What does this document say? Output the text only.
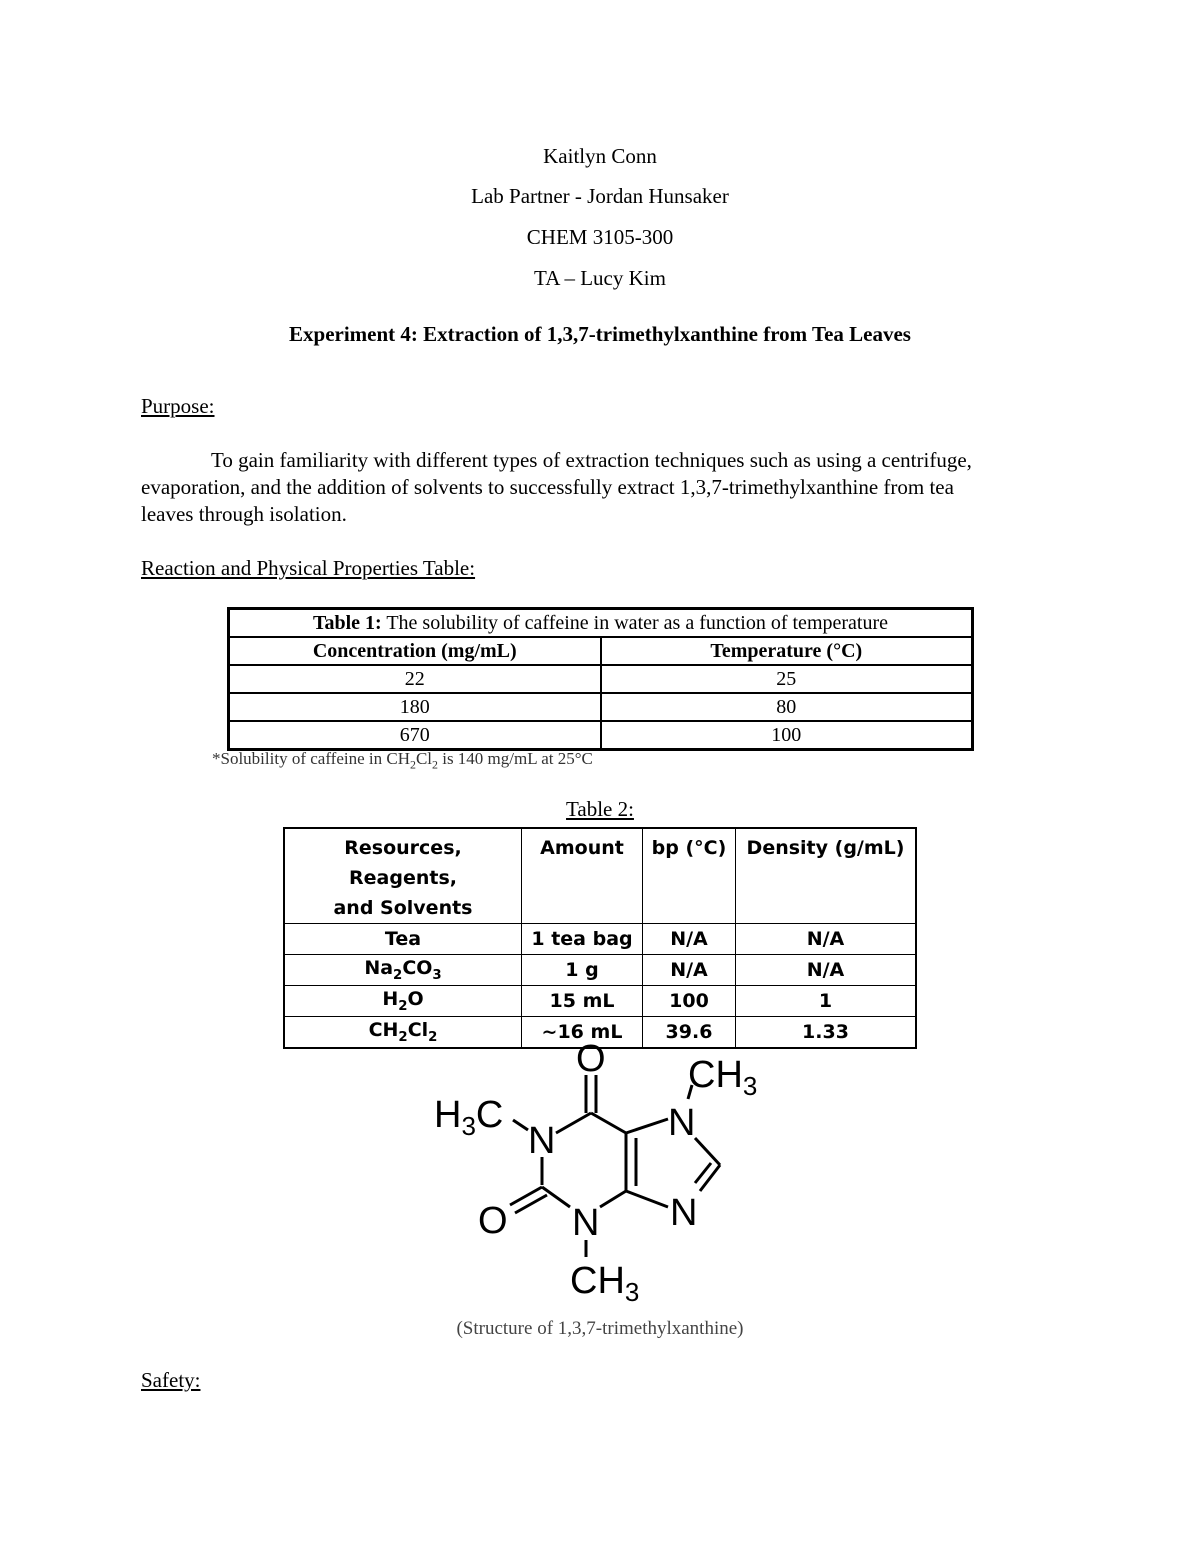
Kaitlyn Conn
Lab Partner - Jordan Hunsaker
CHEM 3105-300
TA – Lucy Kim
Experiment 4: Extraction of 1,3,7-trimethylxanthine from Tea Leaves
Purpose:

To gain familiarity with different types of extraction techniques such as using a centrifuge, evaporation, and the addition of solvents to successfully extract 1,3,7-trimethylxanthine from tea leaves through isolation.

Reaction and Physical Properties Table:
Table 1: The solubility of caffeine in water as a function of temperature	
Concentration (mg/mL)	Temperature (°C)
22	25
180	80
670	100
*Solubility of caffeine in $CH_2Cl_2$ is 140 mg/mL at 25°C
Table 2:
Resources, Reagents,
and Solvents	Amount	bp (°C)	Density (g/mL)
Tea	1 tea bag	N/A	N/A
$Na_2CO_3$	1 g	N/A	N/A
$H_2O$	15 mL	100	1
$CH_2Cl_2$	~16 mL	39.6	1.33
O $CH_3$
$H_3C$
N	N
N
N
O
$CH_3$
(Structure of 1,3,7-trimethylxanthine)
Safety:
